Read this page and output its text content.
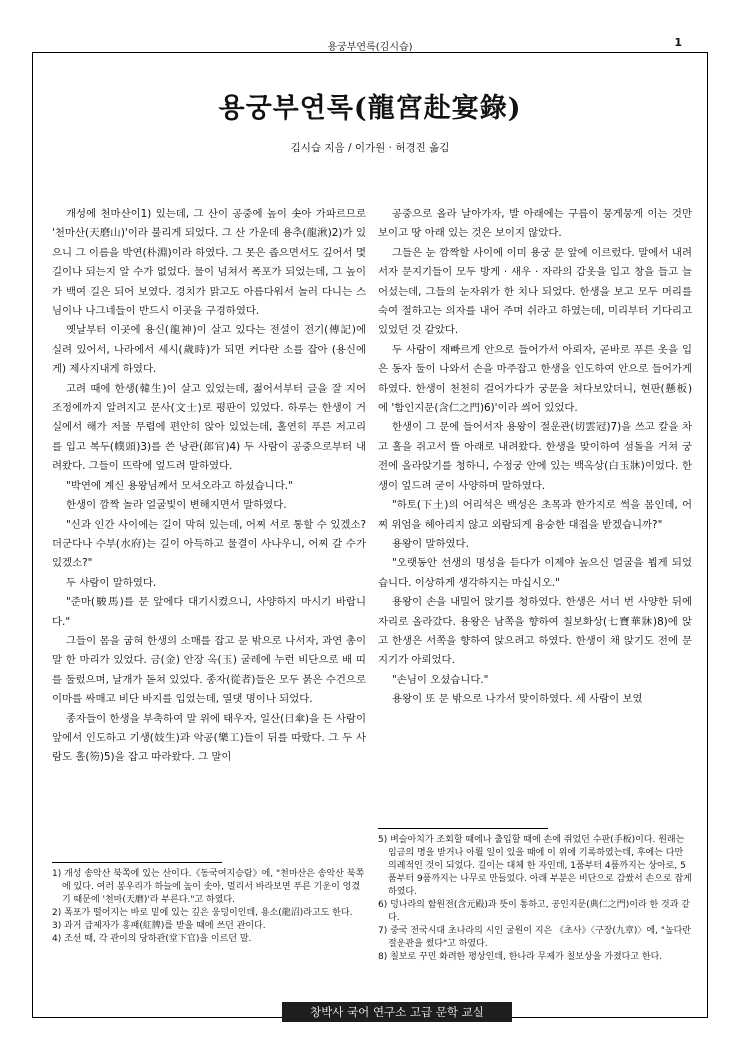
용궁부연록(김시습)	1
용궁부연록(龍宮赴宴錄)
김시습 지음 / 이가원 · 허경진 옮김

개성에 천마산이1) 있는데, 그 산이 공중에 높이 솟아 가파르므로 '천마산(天磨山)'이라 불리게 되었다. 그 산 가운데 용추(龍湫)2)가 있으니 그 이름을 박연(朴淵)이라 하였다. 그 못은 좁으면서도 깊어서 몇 길이나 되는지 알 수가 없었다. 물이 넘쳐서 폭포가 되었는데, 그 높이가 백여 길은 되어 보였다. 경치가 맑고도 아름다워서 놀러 다니는 스님이나 나그네들이 반드시 이곳을 구경하였다.

옛날부터 이곳에 용신(龍神)이 살고 있다는 전설이 전기(傳記)에 실려 있어서, 나라에서 세시(歲時)가 되면 커다란 소를 잡아 (용신에게) 제사지내게 하였다.

고려 때에 한생(韓生)이 살고 있었는데, 젊어서부터 글을 잘 지어 조정에까지 알려지고 문사(文士)로 평판이 있었다. 하루는 한생이 거실에서 해가 저물 무렵에 편안히 앉아 있었는데, 홀연히 푸른 저고리를 입고 복두(幞頭)3)를 쓴 낭관(郎官)4) 두 사람이 공중으로부터 내려왔다. 그들이 뜨락에 엎드려 말하였다.

"박연에 계신 용왕님께서 모셔오라고 하셨습니다."

한생이 깜짝 놀라 얼굴빛이 변해지면서 말하였다.

"신과 인간 사이에는 길이 막혀 있는데, 어찌 서로 통할 수 있겠소? 더군다나 수부(水府)는 길이 아득하고 물결이 사나우니, 어찌 갈 수가 있겠소?"

두 사람이 말하였다.

"준마(駿馬)를 문 앞에다 대기시켰으니, 사양하지 마시기 바랍니다."

그들이 몸을 굽혀 한생의 소매를 잡고 문 밖으로 나서자, 과연 총이말 한 마리가 있었다. 금(金) 안장 옥(玉) 굴레에 누런 비단으로 배 띠를 둘렀으며, 날개가 돋쳐 있었다. 종자(從者)들은 모두 붉은 수건으로 이마를 싸매고 비단 바지를 입었는데, 열댓 명이나 되었다.

종자들이 한생을 부축하여 말 위에 태우자, 일산(日傘)을 든 사람이 앞에서 인도하고 기생(妓生)과 악공(樂工)들이 뒤를 따랐다. 그 두 사람도 홀(笏)5)을 잡고 따라왔다. 그 말이

공중으로 올라 날아가자, 발 아래에는 구름이 뭉게뭉게 이는 것만 보이고 땅 아래 있는 것은 보이지 않았다.

그들은 눈 깜짝할 사이에 이미 용궁 문 앞에 이르렀다. 말에서 내려서자 문지기들이 모두 방게 · 새우 · 자라의 갑옷을 입고 창을 들고 늘어섰는데, 그들의 눈자위가 한 치나 되었다. 한생을 보고 모두 머리를 숙여 절하고는 의자를 내어 주며 쉬라고 하였는데, 미리부터 기다리고 있었던 것 같았다.

두 사람이 재빠르게 안으로 들어가서 아뢰자, 곧바로 푸른 옷을 입은 동자 둘이 나와서 손을 마주잡고 한생을 인도하여 안으로 들어가게 하였다. 한생이 천천히 걸어가다가 궁문을 쳐다보았더니, 현판(懸板)에 '함인지문(含仁之門)6)'이라 씌어 있었다.

한생이 그 문에 들어서자 용왕이 절운관(切雲冠)7)을 쓰고 칼을 차고 홀을 쥐고서 뜰 아래로 내려왔다. 한생을 맞이하여 섬돌을 거쳐 궁전에 올라앉기를 청하니, 수정궁 안에 있는 백옥상(白玉牀)이었다. 한생이 엎드려 굳이 사양하며 말하였다.

"하토(下土)의 어리석은 백성은 초목과 한가지로 썩을 몸인데, 어찌 위엄을 헤아리지 않고 외람되게 융숭한 대접을 받겠습니까?"

용왕이 말하였다.

"오랫동안 선생의 명성을 듣다가 이제야 높으신 얼굴을 뵙게 되었습니다. 이상하게 생각하지는 마십시오."

용왕이 손을 내밀어 앉기를 청하였다. 한생은 서너 번 사양한 뒤에 자리로 올라갔다. 용왕은 남쪽을 향하여 칠보화상(七寶華牀)8)에 앉고 한생은 서쪽을 향하여 앉으려고 하였다. 한생이 채 앉기도 전에 문지기가 아뢰었다.

"손님이 오셨습니다."

용왕이 또 문 밖으로 나가서 맞이하였다. 세 사람이 보였

1) 개성 송악산 북쪽에 있는 산이다.《동국여지승람》에, "천마산은 송악산 북쪽에 있다. 여러 봉우리가 하늘에 높이 솟아, 멀리서 바라보면 푸른 기운이 엉겼기 때문에 '천마(天磨)'라 부른다."고 하였다.
2) 폭포가 떨어지는 바로 밑에 있는 깊은 웅덩이인데, 용소(龍沼)라고도 한다.
3) 과거 급제자가 홍패(紅牌)를 받을 때에 쓰던 관이다.
4) 조선 때, 각 관이의 당하관(堂下官)을 이르던 말.
5) 벼슬아치가 조회할 때에나 출입할 때에 손에 쥐었던 수판(手板)이다. 원래는 임금의 명을 받거나 아뢸 일이 있을 때에 이 위에 기록하였는데, 후에는 다만 의례적인 것이 되었다. 길이는 대체 한 자인데, 1품부터 4품까지는 상아로, 5품부터 9품까지는 나무로 만들었다. 아래 부분은 비단으로 감쌌서 손으로 잡게 하였다.
6) 덩나라의 함원전(含元殿)과 뜻이 통하고, 공인지문(典仁之門)이라 한 것과 같다.
7) 중국 전국시대 초나라의 시인 굴원이 지은 《초사》〈구장(九章)〉에, "높다란 절운관을 썼다"고 하였다.
8) 칠보로 꾸민 화려한 평상인데, 한나라 무제가 칠보상을 가졌다고 한다.
창박사 국어 연구소 고급 문학 교실
